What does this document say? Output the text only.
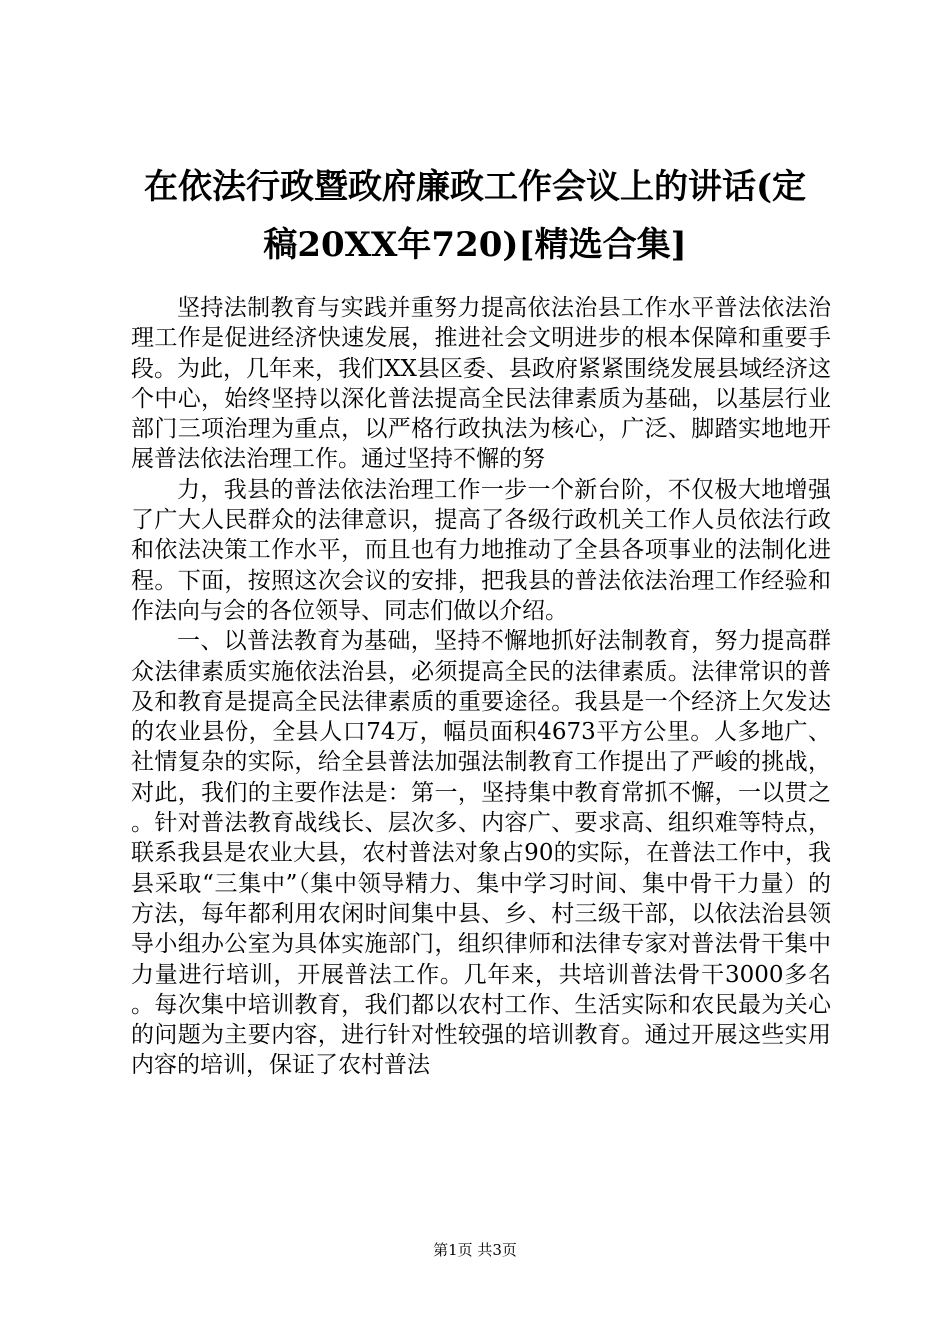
在依法行政暨政府廉政工作会议上的讲话(定
稿20XX年720)[精选合集]

坚持法制教育与实践并重努力提高依法治县工作水平普法依法治理工作是促进经济快速发展，推进社会文明进步的根本保障和重要手段。为此，几年来，我们XX县区委、县政府紧紧围绕发展县域经济这个中心，始终坚持以深化普法提高全民法律素质为基础，以基层行业部门三项治理为重点，以严格行政执法为核心，广泛、脚踏实地地开展普法依法治理工作。通过坚持不懈的努

力，我县的普法依法治理工作一步一个新台阶，不仅极大地增强了广大人民群众的法律意识，提高了各级行政机关工作人员依法行政和依法决策工作水平，而且也有力地推动了全县各项事业的法制化进程。下面，按照这次会议的安排，把我县的普法依法治理工作经验和作法向与会的各位领导、同志们做以介绍。

一、以普法教育为基础，坚持不懈地抓好法制教育，努力提高群众法律素质实施依法治县，必须提高全民的法律素质。法律常识的普及和教育是提高全民法律素质的重要途径。我县是一个经济上欠发达的农业县份，全县人口74万，幅员面积4673平方公里。人多地广、社情复杂的实际，给全县普法加强法制教育工作提出了严峻的挑战，对此，我们的主要作法是：第一，坚持集中教育常抓不懈，一以贯之。针对普法教育战线长、层次多、内容广、要求高、组织难等特点，联系我县是农业大县，农村普法对象占90的实际，在普法工作中，我县采取“三集中”（集中领导精力、集中学习时间、集中骨干力量）的方法，每年都利用农闲时间集中县、乡、村三级干部，以依法治县领导小组办公室为具体实施部门，组织律师和法律专家对普法骨干集中力量进行培训，开展普法工作。几年来，共培训普法骨干3000多名。每次集中培训教育，我们都以农村工作、生活实际和农民最为关心的问题为主要内容，进行针对性较强的培训教育。通过开展这些实用内容的培训，保证了农村普法

第1页 共3页
